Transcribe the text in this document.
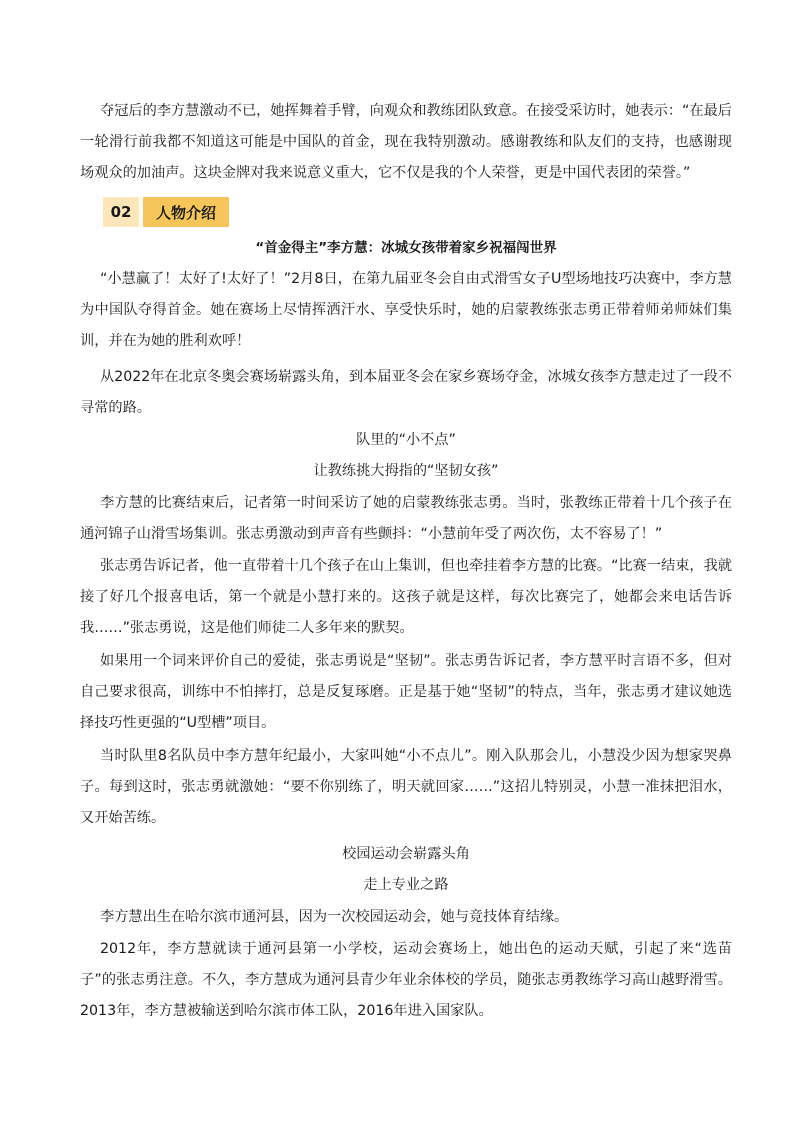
夺冠后的李方慧激动不已，她挥舞着手臂，向观众和教练团队致意。在接受采访时，她表示：“在最后一轮滑行前我都不知道这可能是中国队的首金，现在我特别激动。感谢教练和队友们的支持，也感谢现场观众的加油声。这块金牌对我来说意义重大，它不仅是我的个人荣誉，更是中国代表团的荣誉。”

02	人物介绍
“首金得主”李方慧：冰城女孩带着家乡祝福闯世界

“小慧赢了！太好了!太好了！”2月8日，在第九届亚冬会自由式滑雪女子U型场地技巧决赛中，李方慧为中国队夺得首金。她在赛场上尽情挥洒汗水、享受快乐时，她的启蒙教练张志勇正带着师弟师妹们集训，并在为她的胜利欢呼！

从2022年在北京冬奥会赛场崭露头角，到本届亚冬会在家乡赛场夺金，冰城女孩李方慧走过了一段不寻常的路。

队里的“小不点”

让教练挑大拇指的“坚韧女孩”

李方慧的比赛结束后，记者第一时间采访了她的启蒙教练张志勇。当时，张教练正带着十几个孩子在通河锦子山滑雪场集训。张志勇激动到声音有些颤抖：“小慧前年受了两次伤，太不容易了！”

张志勇告诉记者，他一直带着十几个孩子在山上集训，但也牵挂着李方慧的比赛。“比赛一结束，我就接了好几个报喜电话，第一个就是小慧打来的。这孩子就是这样，每次比赛完了，她都会来电话告诉我……”张志勇说，这是他们师徒二人多年来的默契。

如果用一个词来评价自己的爱徒，张志勇说是“坚韧”。张志勇告诉记者，李方慧平时言语不多，但对自己要求很高，训练中不怕摔打，总是反复琢磨。正是基于她“坚韧”的特点，当年，张志勇才建议她选择技巧性更强的“U型槽”项目。

当时队里8名队员中李方慧年纪最小，大家叫她“小不点儿”。刚入队那会儿，小慧没少因为想家哭鼻子。每到这时，张志勇就激她：“要不你别练了，明天就回家……”这招儿特别灵，小慧一准抹把泪水，又开始苦练。

校园运动会崭露头角

走上专业之路

李方慧出生在哈尔滨市通河县，因为一次校园运动会，她与竞技体育结缘。

2012年，李方慧就读于通河县第一小学校，运动会赛场上，她出色的运动天赋，引起了来“选苗子”的张志勇注意。不久，李方慧成为通河县青少年业余体校的学员，随张志勇教练学习高山越野滑雪。2013年，李方慧被输送到哈尔滨市体工队，2016年进入国家队。
